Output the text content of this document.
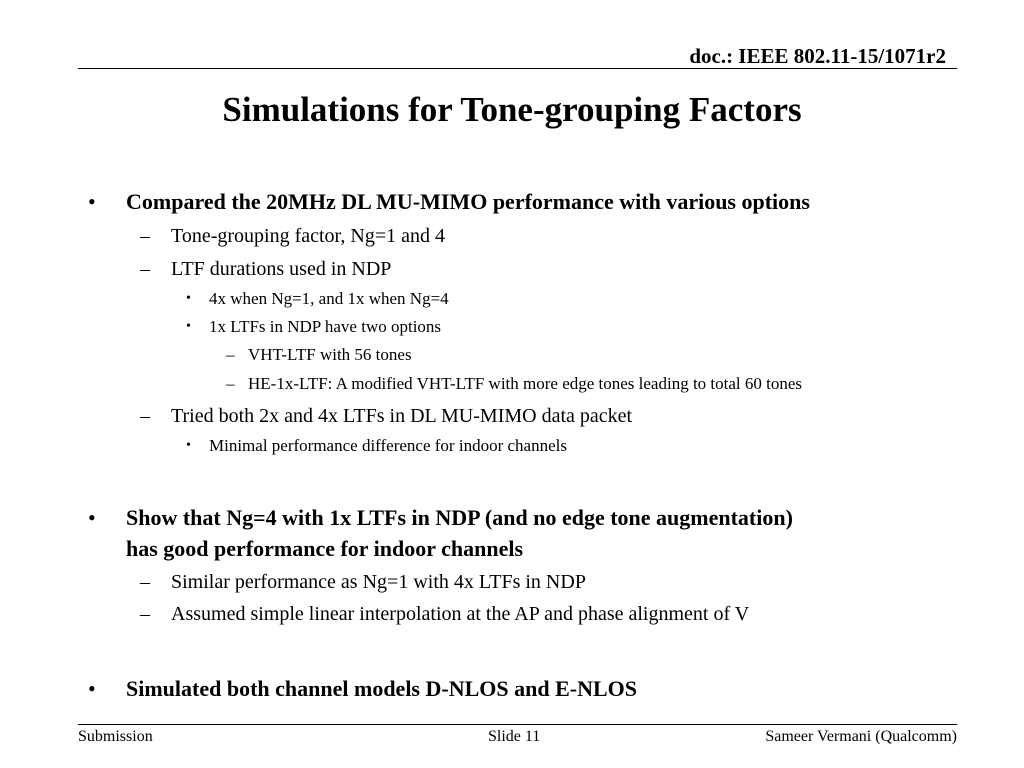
doc.: IEEE 802.11-15/1071r2
Simulations for Tone-grouping Factors
• Compared the 20MHz DL MU-MIMO performance with various options
– Tone-grouping factor, Ng=1 and 4
– LTF durations used in NDP
• 4x when Ng=1, and 1x when Ng=4
• 1x LTFs in NDP have two options
– VHT-LTF with 56 tones
– HE-1x-LTF: A modified VHT-LTF with more edge tones leading to total 60 tones
– Tried both 2x and 4x LTFs in DL MU-MIMO data packet
• Minimal performance difference for indoor channels
• Show that Ng=4 with 1x LTFs in NDP (and no edge tone augmentation)
has good performance for indoor channels
– Similar performance as Ng=1 with 4x LTFs in NDP
– Assumed simple linear interpolation at the AP and phase alignment of V
• Simulated both channel models D-NLOS and E-NLOS
Submission	Slide 11	Sameer Vermani (Qualcomm)
